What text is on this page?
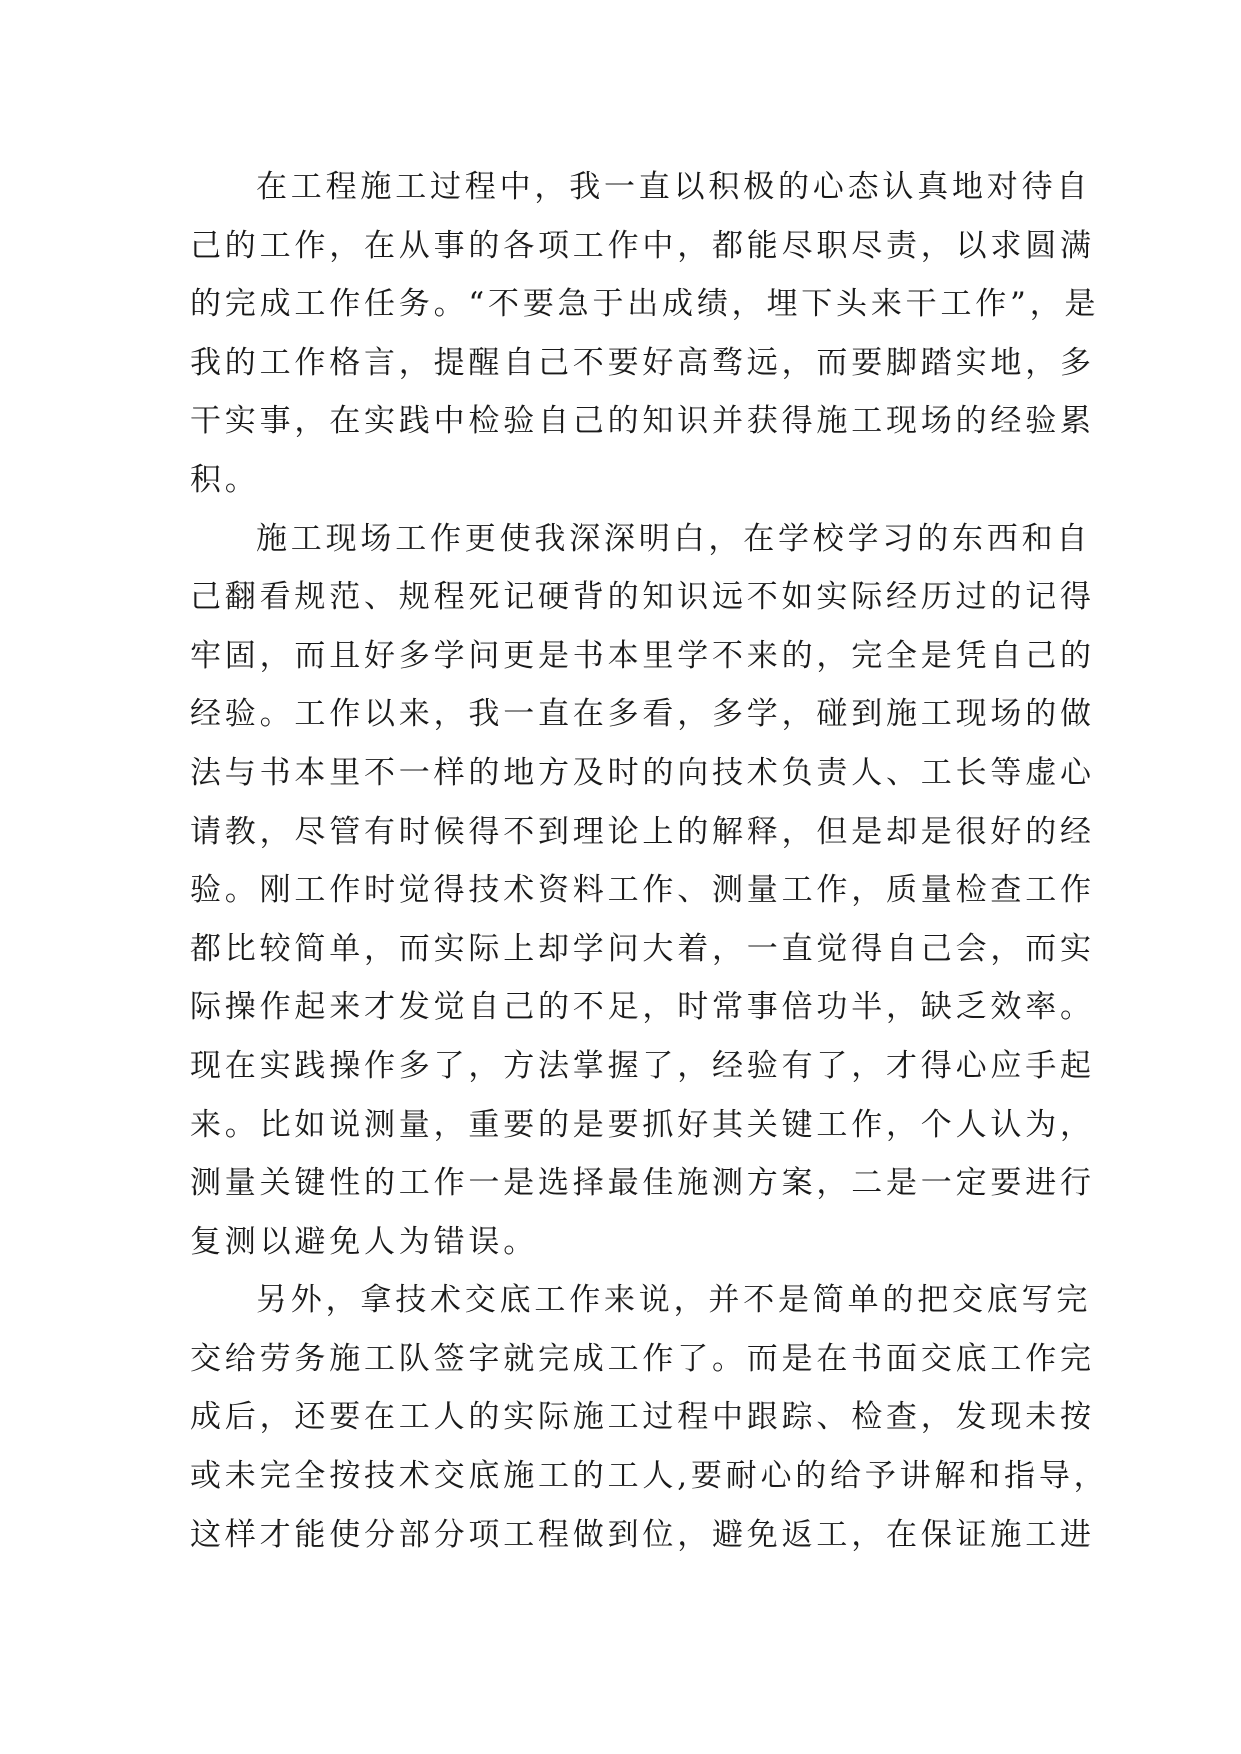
在工程施工过程中，我一直以积极的心态认真地对待自
己的工作，在从事的各项工作中，都能尽职尽责，以求圆满
的完成工作任务。“不要急于出成绩，埋下头来干工作”，是
我的工作格言，提醒自己不要好高骛远，而要脚踏实地，多
干实事，在实践中检验自己的知识并获得施工现场的经验累
积。
施工现场工作更使我深深明白，在学校学习的东西和自
己翻看规范、规程死记硬背的知识远不如实际经历过的记得
牢固，而且好多学问更是书本里学不来的，完全是凭自己的
经验。工作以来，我一直在多看，多学，碰到施工现场的做
法与书本里不一样的地方及时的向技术负责人、工长等虚心
请教，尽管有时候得不到理论上的解释，但是却是很好的经
验。刚工作时觉得技术资料工作、测量工作，质量检查工作
都比较简单，而实际上却学问大着，一直觉得自己会，而实
际操作起来才发觉自己的不足，时常事倍功半，缺乏效率。
现在实践操作多了，方法掌握了，经验有了，才得心应手起
来。比如说测量，重要的是要抓好其关键工作，个人认为，
测量关键性的工作一是选择最佳施测方案，二是一定要进行
复测以避免人为错误。
另外，拿技术交底工作来说，并不是简单的把交底写完
交给劳务施工队签字就完成工作了。而是在书面交底工作完
成后，还要在工人的实际施工过程中跟踪、检查，发现未按
或未完全按技术交底施工的工人,要耐心的给予讲解和指导，
这样才能使分部分项工程做到位，避免返工，在保证施工进
